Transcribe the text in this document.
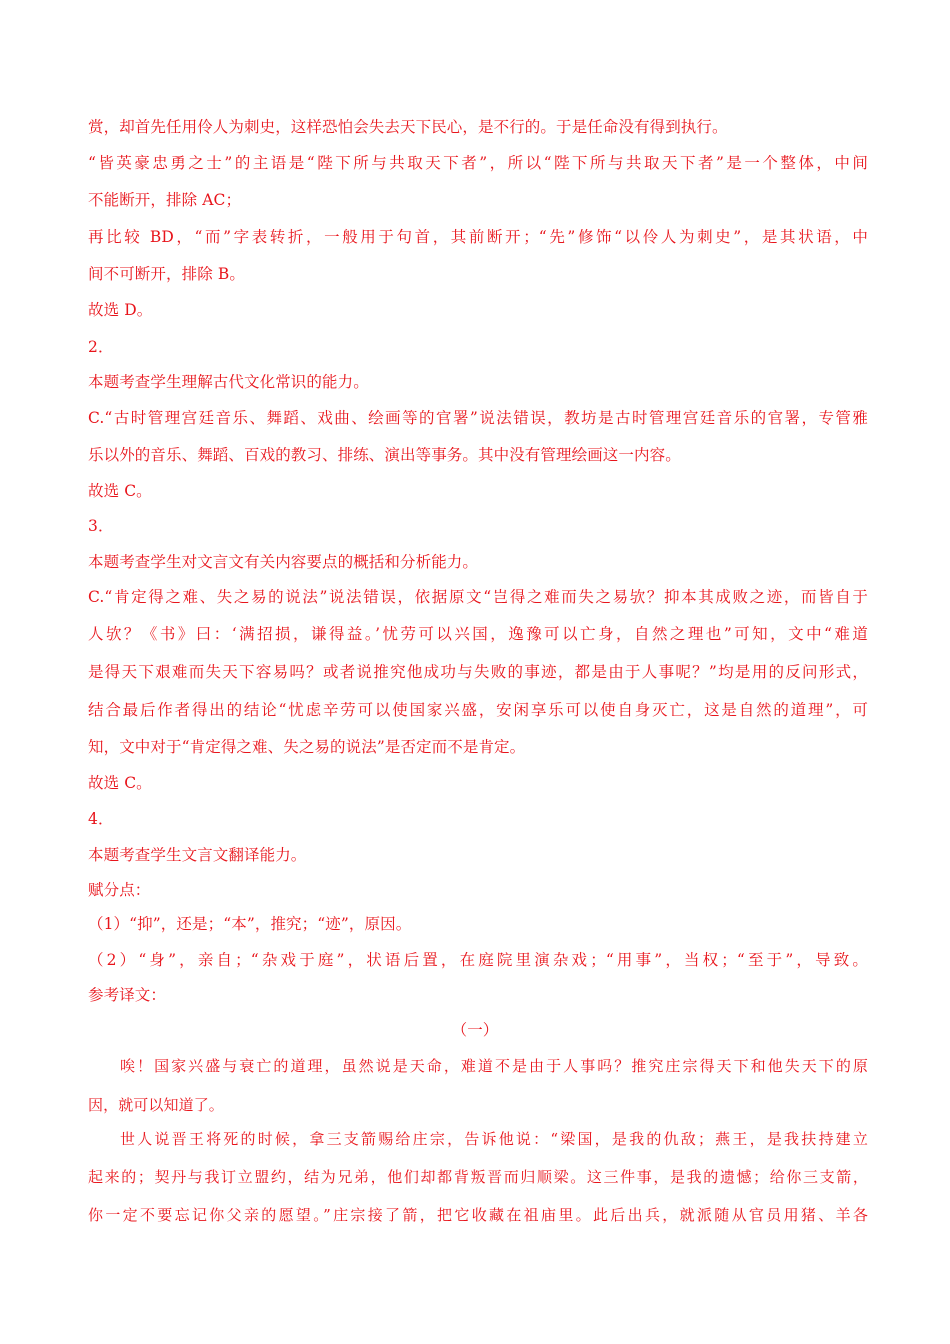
赏，却首先任用伶人为刺史，这样恐怕会失去天下民心，是不行的。于是任命没有得到执行。
“皆英豪忠勇之士”的主语是“陛下所与共取天下者”，所以“陛下所与共取天下者”是一个整体，中间
不能断开，排除 AC；
再比较 BD，“而”字表转折，一般用于句首，其前断开；“先”修饰“以伶人为刺史”，是其状语，中
间不可断开，排除 B。
故选 D。
2．
本题考查学生理解古代文化常识的能力。
C.“古时管理宫廷音乐、舞蹈、戏曲、绘画等的官署”说法错误，教坊是古时管理宫廷音乐的官署，专管雅
乐以外的音乐、舞蹈、百戏的教习、排练、演出等事务。其中没有管理绘画这一内容。
故选 C。
3．
本题考查学生对文言文有关内容要点的概括和分析能力。
C.“肯定得之难、失之易的说法”说法错误，依据原文“岂得之难而失之易欤？抑本其成败之迹，而皆自于
人欤？《书》曰：‘满招损，谦得益。’忧劳可以兴国，逸豫可以亡身，自然之理也”可知，文中“难道
是得天下艰难而失天下容易吗？或者说推究他成功与失败的事迹，都是由于人事呢？”均是用的反问形式，
结合最后作者得出的结论“忧虑辛劳可以使国家兴盛，安闲享乐可以使自身灭亡，这是自然的道理”，可
知，文中对于“肯定得之难、失之易的说法”是否定而不是肯定。
故选 C。
4．
本题考查学生文言文翻译能力。
赋分点：
（1）“抑”，还是；“本”，推究；“迹”，原因。
（2）“身”，亲自；“杂戏于庭”，状语后置，在庭院里演杂戏；“用事”，当权；“至于”，导致。
参考译文：
（一）
唉！国家兴盛与衰亡的道理，虽然说是天命，难道不是由于人事吗？推究庄宗得天下和他失天下的原
因，就可以知道了。
世人说晋王将死的时候，拿三支箭赐给庄宗，告诉他说：“梁国，是我的仇敌；燕王，是我扶持建立
起来的；契丹与我订立盟约，结为兄弟，他们却都背叛晋而归顺梁。这三件事，是我的遗憾；给你三支箭，
你一定不要忘记你父亲的愿望。”庄宗接了箭，把它收藏在祖庙里。此后出兵，就派随从官员用猪、羊各
